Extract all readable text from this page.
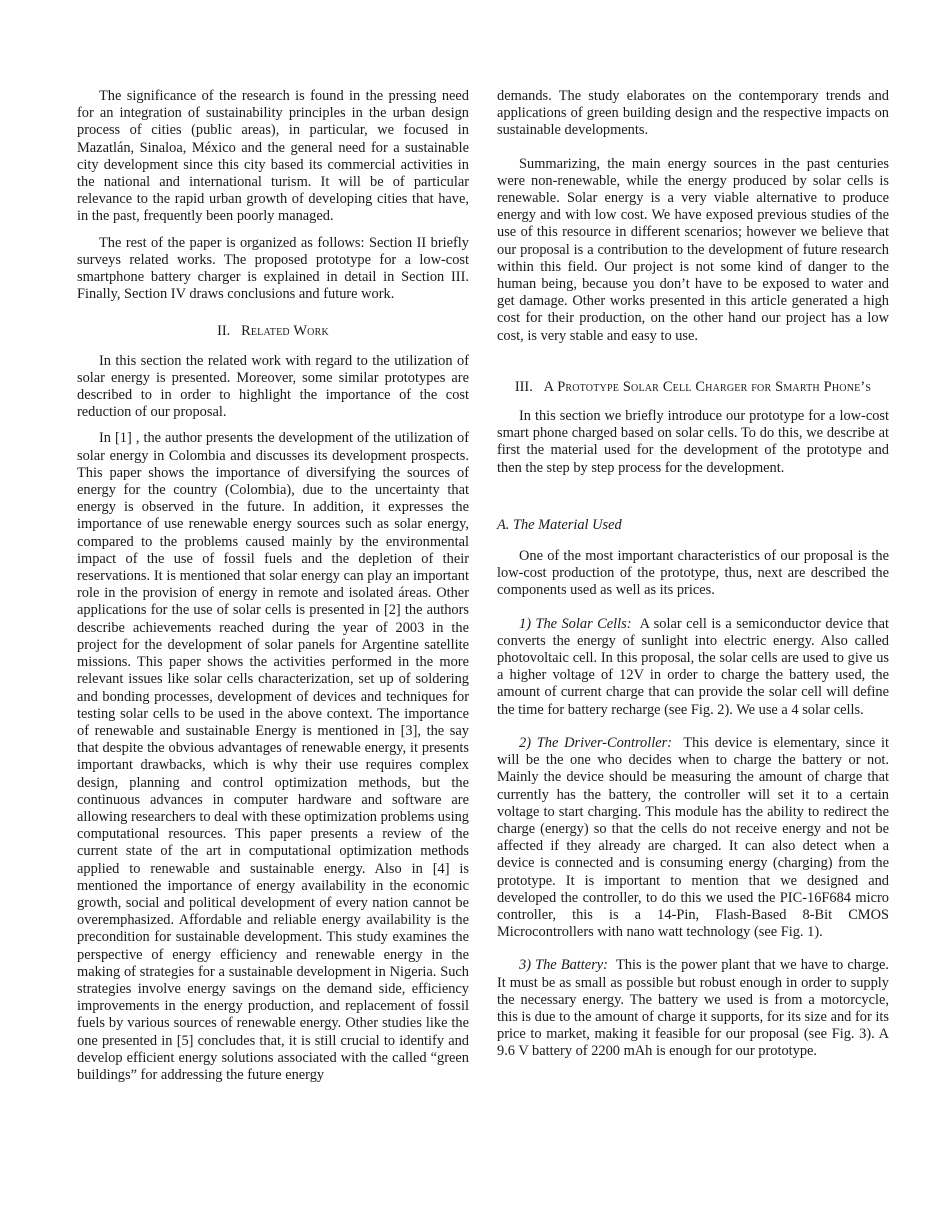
The significance of the research is found in the pressing need for an integration of sustainability principles in the urban design process of cities (public areas), in particular, we focused in Mazatlán, Sinaloa, México and the general need for a sustainable city development since this city based its commercial activities in the national and international turism. It will be of particular relevance to the rapid urban growth of developing cities that have, in the past, frequently been poorly managed.

The rest of the paper is organized as follows: Section II briefly surveys related works. The proposed prototype for a low-cost smartphone battery charger is explained in detail in Section III. Finally, Section IV draws conclusions and future work.

II. Related Work

In this section the related work with regard to the utilization of solar energy is presented. Moreover, some similar prototypes are described to in order to highlight the importance of the cost reduction of our proposal.

In [1] , the author presents the development of the utilization of solar energy in Colombia and discusses its development prospects. This paper shows the importance of diversifying the sources of energy for the country (Colombia), due to the uncertainty that energy is observed in the future. In addition, it expresses the importance of use renewable energy sources such as solar energy, compared to the problems caused mainly by the environmental impact of the use of fossil fuels and the depletion of their reservations. It is mentioned that solar energy can play an important role in the provision of energy in remote and isolated áreas. Other applications for the use of solar cells is presented in [2] the authors describe achievements reached during the year of 2003 in the project for the development of solar panels for Argentine satellite missions. This paper shows the activities performed in the more relevant issues like solar cells characterization, set up of soldering and bonding processes, development of devices and techniques for testing solar cells to be used in the above context. The importance of renewable and sustainable Energy is mentioned in [3], the say that despite the obvious advantages of renewable energy, it presents important drawbacks, which is why their use requires complex design, planning and control optimization methods, but the continuous advances in computer hardware and software are allowing researchers to deal with these optimization problems using computational resources. This paper presents a review of the current state of the art in computational optimization methods applied to renewable and sustainable energy. Also in [4] is mentioned the importance of energy availability in the economic growth, social and political development of every nation cannot be overemphasized. Affordable and reliable energy availability is the precondition for sustainable development. This study examines the perspective of energy efficiency and renewable energy in the making of strategies for a sustainable development in Nigeria. Such strategies involve energy savings on the demand side, efficiency improvements in the energy production, and replacement of fossil fuels by various sources of renewable energy. Other studies like the one presented in [5] concludes that, it is still crucial to identify and develop efficient energy solutions associated with the called “green buildings” for addressing the future energy

demands. The study elaborates on the contemporary trends and applications of green building design and the respective impacts on sustainable developments.

Summarizing, the main energy sources in the past centuries were non-renewable, while the energy produced by solar cells is renewable. Solar energy is a very viable alternative to produce energy and with low cost. We have exposed previous studies of the use of this resource in different scenarios; however we believe that our proposal is a contribution to the development of future research within this field. Our project is not some kind of danger to the human being, because you don’t have to be exposed to water and get damage. Other works presented in this article generated a high cost for their production, on the other hand our project has a low cost, is very stable and easy to use.

III. A Prototype Solar Cell Charger for Smarth Phone’s

In this section we briefly introduce our prototype for a low-cost smart phone charged based on solar cells. To do this, we describe at first the material used for the development of the prototype and then the step by step process for the development.

A. The Material Used

One of the most important characteristics of our proposal is the low-cost production of the prototype, thus, next are described the components used as well as its prices.

1) The Solar Cells: A solar cell is a semiconductor device that converts the energy of sunlight into electric energy. Also called photovoltaic cell. In this proposal, the solar cells are used to give us a higher voltage of 12V in order to charge the battery used, the amount of current charge that can provide the solar cell will define the time for battery recharge (see Fig. 2). We use a 4 solar cells.

2) The Driver-Controller: This device is elementary, since it will be the one who decides when to charge the battery or not. Mainly the device should be measuring the amount of charge that currently has the battery, the controller will set it to a certain voltage to start charging. This module has the ability to redirect the charge (energy) so that the cells do not receive energy and not be affected if they already are charged. It can also detect when a device is connected and is consuming energy (charging) from the prototype. It is important to mention that we designed and developed the controller, to do this we used the PIC-16F684 micro controller, this is a 14-Pin, Flash-Based 8-Bit CMOS Microcontrollers with nano watt technology (see Fig. 1).

3) The Battery: This is the power plant that we have to charge. It must be as small as possible but robust enough in order to supply the necessary energy. The battery we used is from a motorcycle, this is due to the amount of charge it supports, for its size and for its price to market, making it feasible for our proposal (see Fig. 3). A 9.6 V battery of 2200 mAh is enough for our prototype.
